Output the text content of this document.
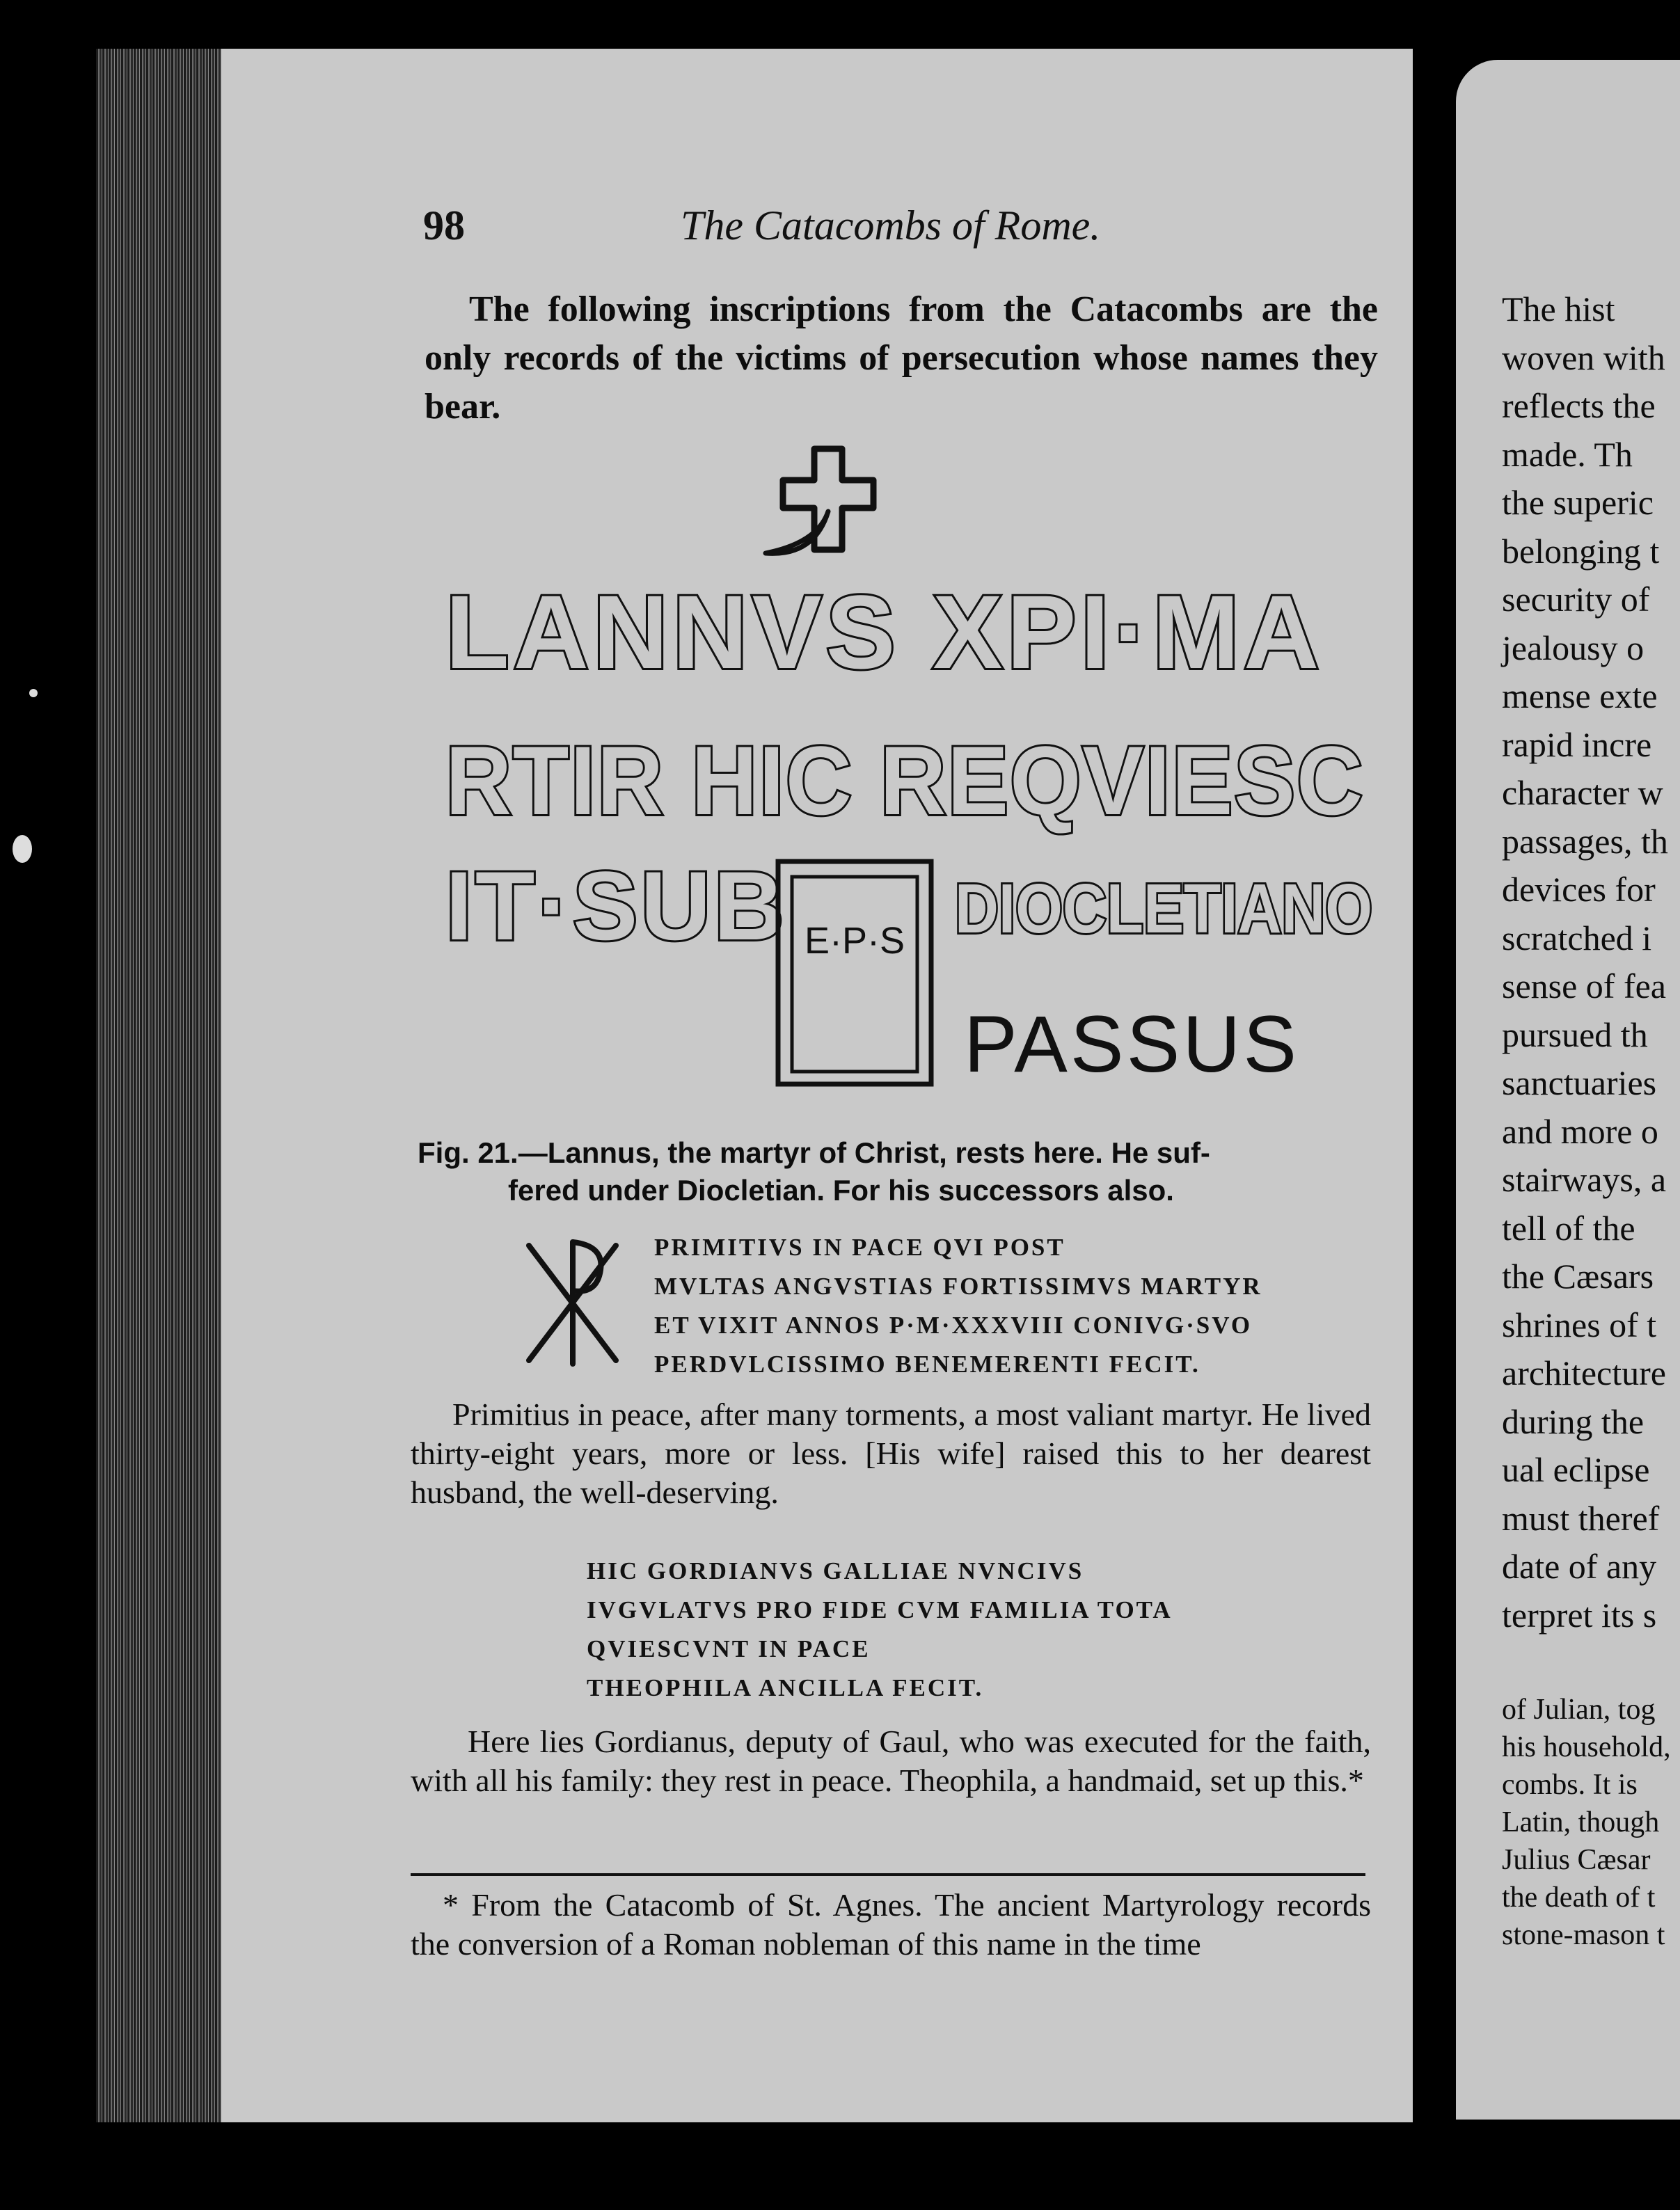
98	The Catacombs of Rome.

The following inscriptions from the Catacombs are the only records of the victims of persecution whose names they bear.

LANNVS XPI·MA
RTIR HIC REQVIESC
IT·SUB DIOCLETIANO
PASSUS
E·P·S
Fig. 21.—Lannus, the martyr of Christ, rests here. He suf-
fered under Diocletian. For his successors also.
PRIMITIVS IN PACE QVI POST
MVLTAS ANGVSTIAS FORTISSIMVS MARTYR
ET VIXIT ANNOS P·M·XXXVIII CONIVG·SVO
PERDVLCISSIMO BENEMERENTI FECIT.

Primitius in peace, after many torments, a most valiant martyr. He lived thirty-eight years, more or less. [His wife] raised this to her dearest husband, the well-deserving.

HIC GORDIANVS GALLIAE NVNCIVS
IVGVLATVS PRO FIDE CVM FAMILIA TOTA
QVIESCVNT IN PACE
THEOPHILA ANCILLA FECIT.

Here lies Gordianus, deputy of Gaul, who was executed for the faith, with all his family: they rest in peace. Theophila, a handmaid, set up this.*

* From the Catacomb of St. Agnes. The ancient Martyrology records the conversion of a Roman nobleman of this name in the time

The hist
woven with
reflects the
made. Th
the superic
belonging t
security of
jealousy o
mense exte
rapid incre
character w
passages, th
devices for
scratched i
sense of fea
pursued th
sanctuaries
and more o
stairways, a
tell of the
the Cæsars
shrines of t
architecture
during the
ual eclipse
must theref
date of any
terpret its s
of Julian, tog
his household,
combs. It is
Latin, though
Julius Cæsar
the death of t
stone-mason t
